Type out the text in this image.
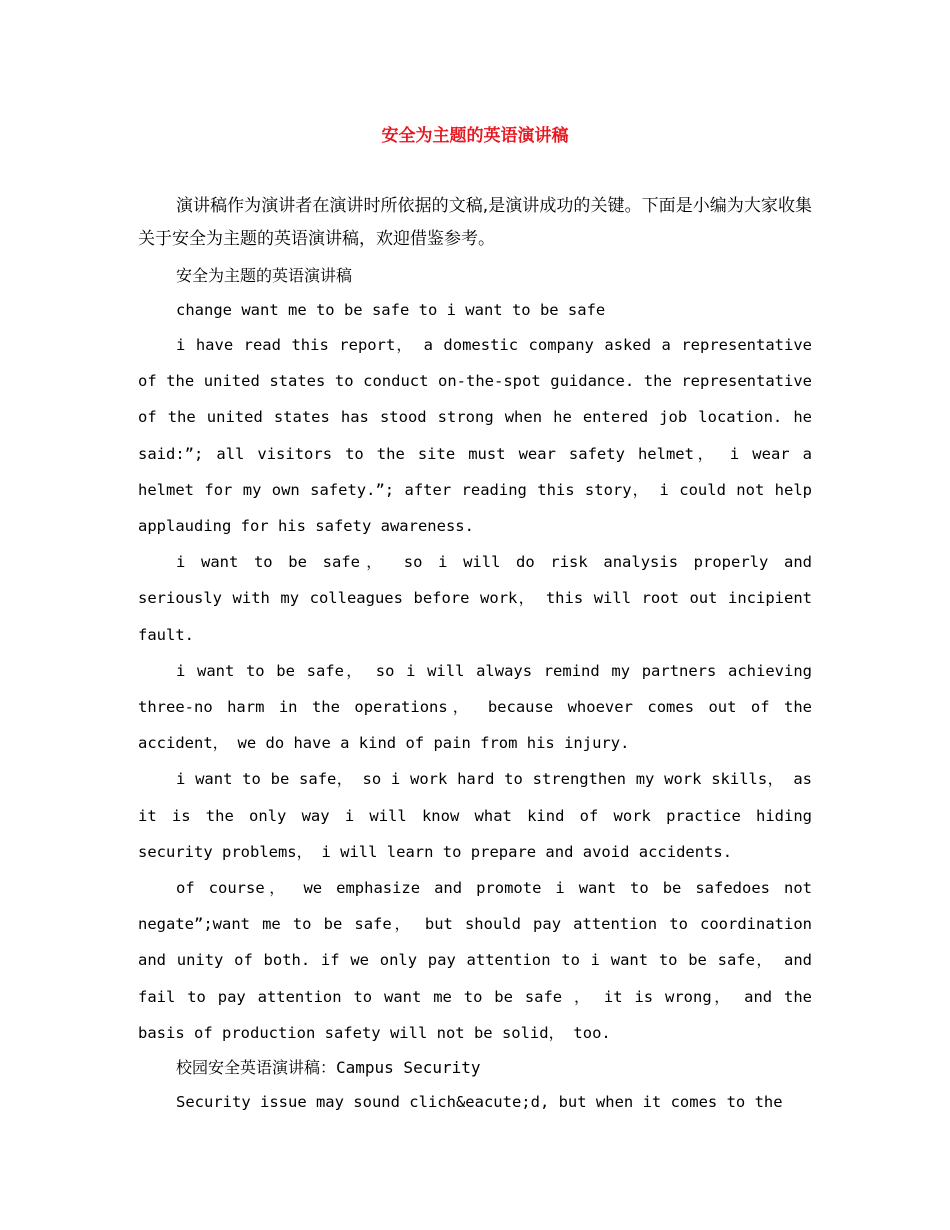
安全为主题的英语演讲稿

演讲稿作为演讲者在演讲时所依据的文稿,是演讲成功的关键。下面是小编为大家收集关于安全为主题的英语演讲稿，欢迎借鉴参考。

安全为主题的英语演讲稿

change want me to be safe to i want to be safe

i have read this report， a domestic company asked a representative of the united states to conduct on-the-spot guidance. the representative of the united states has stood strong when he entered job location. he said:”; all visitors to the site must wear safety helmet， i wear a helmet for my own safety.”; after reading this story， i could not help applauding for his safety awareness.

i want to be safe， so i will do risk analysis properly and seriously with my colleagues before work， this will root out incipient fault.

i want to be safe， so i will always remind my partners achieving three-no harm in the operations， because whoever comes out of the accident， we do have a kind of pain from his injury.

i want to be safe， so i work hard to strengthen my work skills， as it is the only way i will know what kind of work practice hiding security problems， i will learn to prepare and avoid accidents.

of course， we emphasize and promote i want to be safedoes not negate”;want me to be safe， but should pay attention to coordination and unity of both. if we only pay attention to i want to be safe， and fail to pay attention to want me to be safe ， it is wrong， and the basis of production safety will not be solid， too.

校园安全英语演讲稿：Campus Security

Security issue may sound clich&eacute;d, but when it comes to the
